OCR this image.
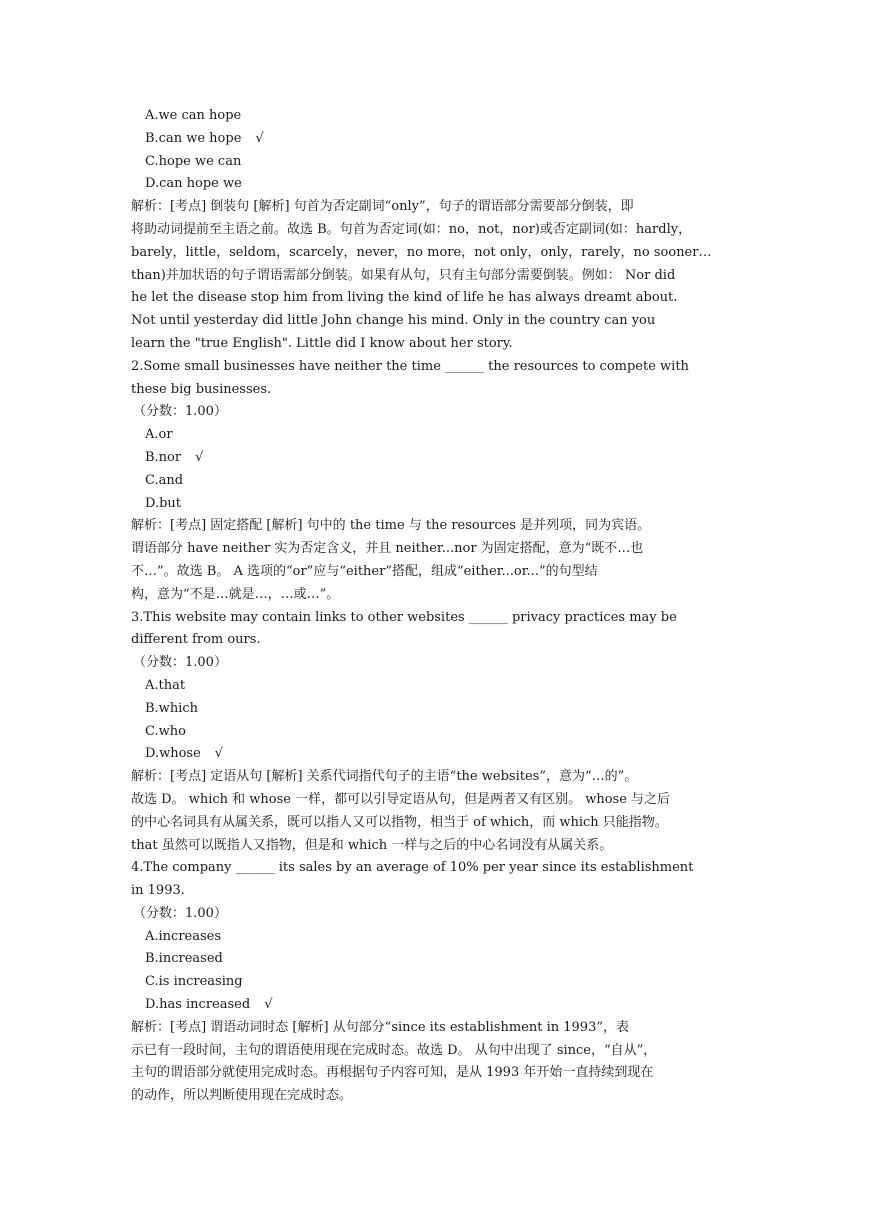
A.we can hope

B.can we hope √

C.hope we can

D.can hope we

解析：[考点] 倒装句 [解析] 句首为否定副词“only”，句子的谓语部分需要部分倒装，即

将助动词提前至主语之前。故选 B。句首为否定词(如：no，not，nor)或否定副词(如：hardly，

barely，little，seldom，scarcely，never，no more，not only，only，rarely，no sooner…

than)并加状语的句子谓语需部分倒装。如果有从句，只有主句部分需要倒装。例如： Nor did

he let the disease stop him from living the kind of life he has always dreamt about.

Not until yesterday did little John change his mind. Only in the country can you

learn the "true English". Little did I know about her story.

2.Some small businesses have neither the time ______ the resources to compete with

these big businesses.

（分数：1.00）

A.or

B.nor √

C.and

D.but

解析：[考点] 固定搭配 [解析] 句中的 the time 与 the resources 是并列项，同为宾语。

谓语部分 have neither 实为否定含义，并且 neither...nor 为固定搭配，意为“既不…也

不…”。故选 B。 A 选项的“or”应与“either”搭配，组成“either...or...”的句型结

构，意为“不是…就是…，…或…”。

3.This website may contain links to other websites ______ privacy practices may be

different from ours.

（分数：1.00）

A.that

B.which

C.who

D.whose √

解析：[考点] 定语从句 [解析] 关系代词指代句子的主语“the websites”，意为“…的”。

故选 D。 which 和 whose 一样，都可以引导定语从句，但是两者又有区别。 whose 与之后

的中心名词具有从属关系，既可以指人又可以指物，相当于 of which，而 which 只能指物。

that 虽然可以既指人又指物，但是和 which 一样与之后的中心名词没有从属关系。

4.The company ______ its sales by an average of 10% per year since its establishment

in 1993.

（分数：1.00）

A.increases

B.increased

C.is increasing

D.has increased √

解析：[考点] 谓语动词时态 [解析] 从句部分“since its establishment in 1993”，表

示已有一段时间，主句的谓语使用现在完成时态。故选 D。 从句中出现了 since，“自从”，

主句的谓语部分就使用完成时态。再根据句子内容可知，是从 1993 年开始一直持续到现在

的动作，所以判断使用现在完成时态。
